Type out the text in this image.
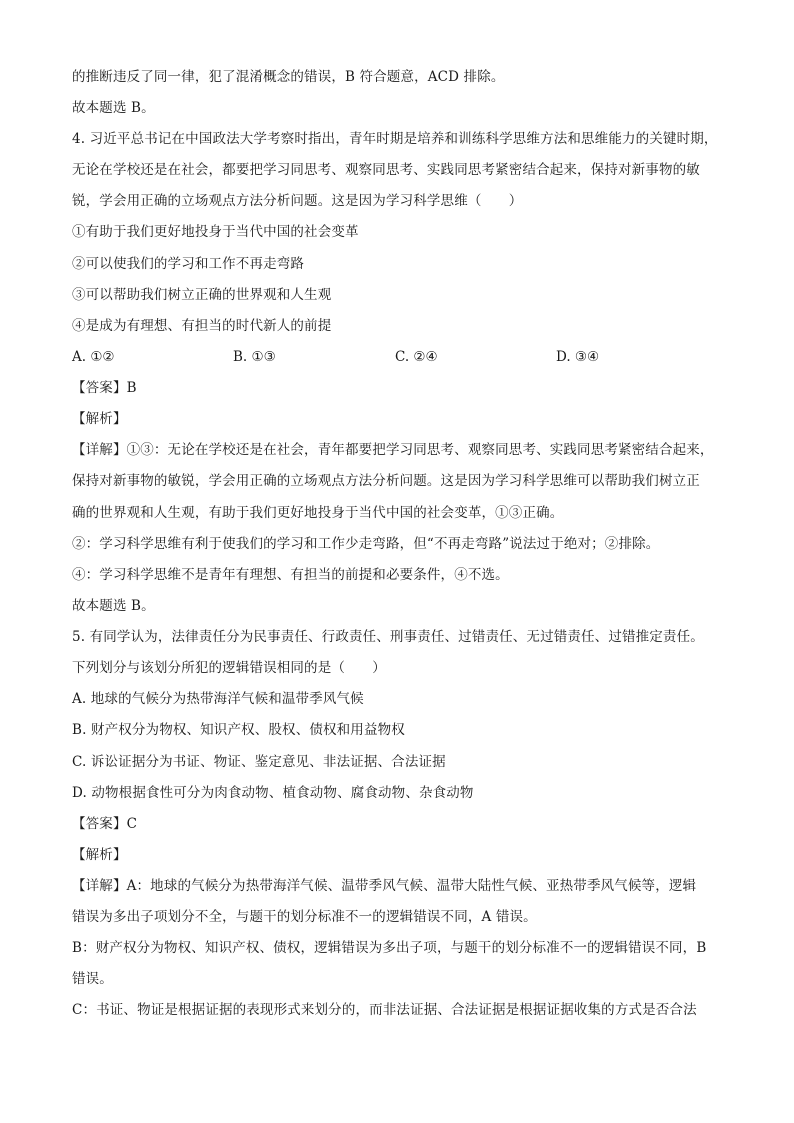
的推断违反了同一律，犯了混淆概念的错误，B 符合题意，ACD 排除。
故本题选 B。
4. 习近平总书记在中国政法大学考察时指出，青年时期是培养和训练科学思维方法和思维能力的关键时期，
无论在学校还是在社会，都要把学习同思考、观察同思考、实践同思考紧密结合起来，保持对新事物的敏
锐，学会用正确的立场观点方法分析问题。这是因为学习科学思维（　　）
①有助于我们更好地投身于当代中国的社会变革
②可以使我们的学习和工作不再走弯路
③可以帮助我们树立正确的世界观和人生观
④是成为有理想、有担当的时代新人的前提
A. ①②	B. ①③	C. ②④	D. ③④
【答案】B
【解析】
【详解】①③：无论在学校还是在社会，青年都要把学习同思考、观察同思考、实践同思考紧密结合起来，
保持对新事物的敏锐，学会用正确的立场观点方法分析问题。这是因为学习科学思维可以帮助我们树立正
确的世界观和人生观，有助于我们更好地投身于当代中国的社会变革，①③正确。
②：学习科学思维有利于使我们的学习和工作少走弯路，但“不再走弯路”说法过于绝对；②排除。
④：学习科学思维不是青年有理想、有担当的前提和必要条件，④不选。
故本题选 B。
5. 有同学认为，法律责任分为民事责任、行政责任、刑事责任、过错责任、无过错责任、过错推定责任。
下列划分与该划分所犯的逻辑错误相同的是（　　）
A. 地球的气候分为热带海洋气候和温带季风气候
B. 财产权分为物权、知识产权、股权、债权和用益物权
C. 诉讼证据分为书证、物证、鉴定意见、非法证据、合法证据
D. 动物根据食性可分为肉食动物、植食动物、腐食动物、杂食动物
【答案】C
【解析】
【详解】A：地球的气候分为热带海洋气候、温带季风气候、温带大陆性气候、亚热带季风气候等，逻辑
错误为多出子项划分不全，与题干的划分标准不一的逻辑错误不同，A 错误。
B：财产权分为物权、知识产权、债权，逻辑错误为多出子项，与题干的划分标准不一的逻辑错误不同，B
错误。
C：书证、物证是根据证据的表现形式来划分的，而非法证据、合法证据是根据证据收集的方式是否合法
